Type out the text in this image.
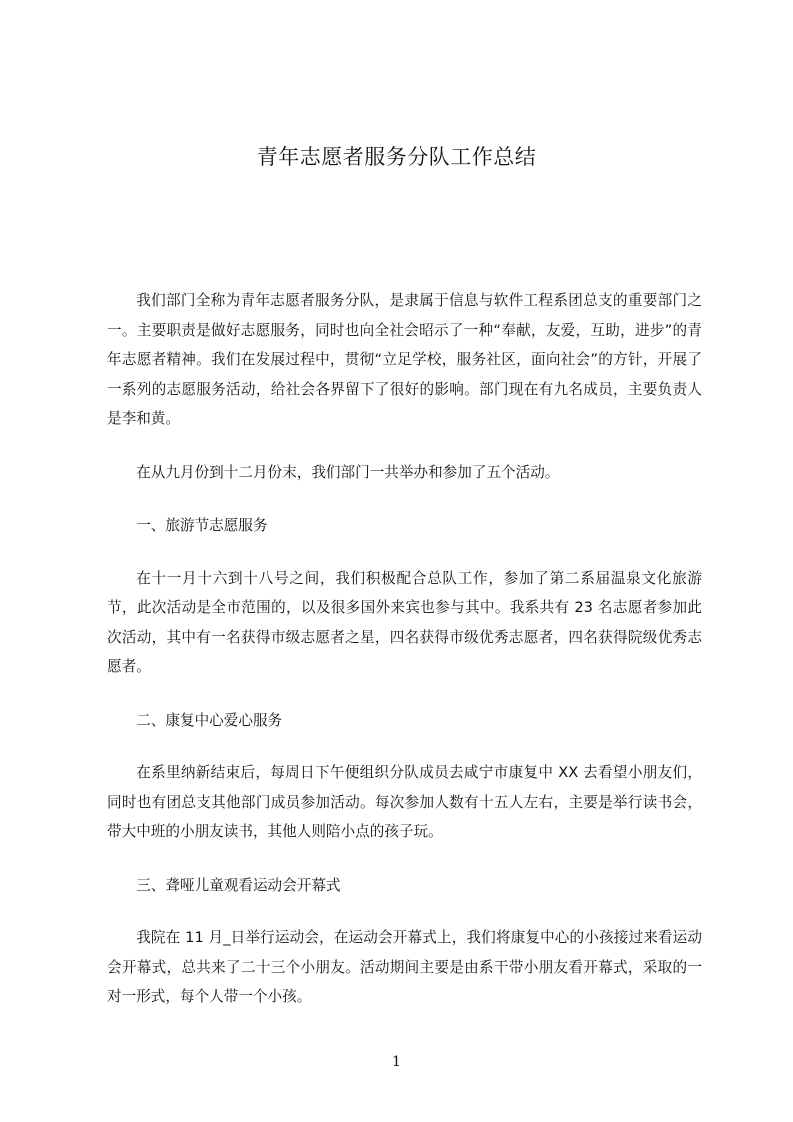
青年志愿者服务分队工作总结

我们部门全称为青年志愿者服务分队，是隶属于信息与软件工程系团总支的重要部门之一。主要职责是做好志愿服务，同时也向全社会昭示了一种“奉献，友爱，互助，进步”的青年志愿者精神。我们在发展过程中，贯彻“立足学校，服务社区，面向社会”的方针，开展了一系列的志愿服务活动，给社会各界留下了很好的影响。部门现在有九名成员，主要负责人是李和黄。

在从九月份到十二月份末，我们部门一共举办和参加了五个活动。

一、旅游节志愿服务

在十一月十六到十八号之间，我们积极配合总队工作，参加了第二系届温泉文化旅游节，此次活动是全市范围的，以及很多国外来宾也参与其中。我系共有 23 名志愿者参加此次活动，其中有一名获得市级志愿者之星，四名获得市级优秀志愿者，四名获得院级优秀志愿者。

二、康复中心爱心服务

在系里纳新结束后，每周日下午便组织分队成员去咸宁市康复中 XX 去看望小朋友们，同时也有团总支其他部门成员参加活动。每次参加人数有十五人左右，主要是举行读书会，带大中班的小朋友读书，其他人则陪小点的孩子玩。

三、聋哑儿童观看运动会开幕式

我院在 11 月_日举行运动会，在运动会开幕式上，我们将康复中心的小孩接过来看运动会开幕式，总共来了二十三个小朋友。活动期间主要是由系干带小朋友看开幕式，采取的一对一形式，每个人带一个小孩。

1
